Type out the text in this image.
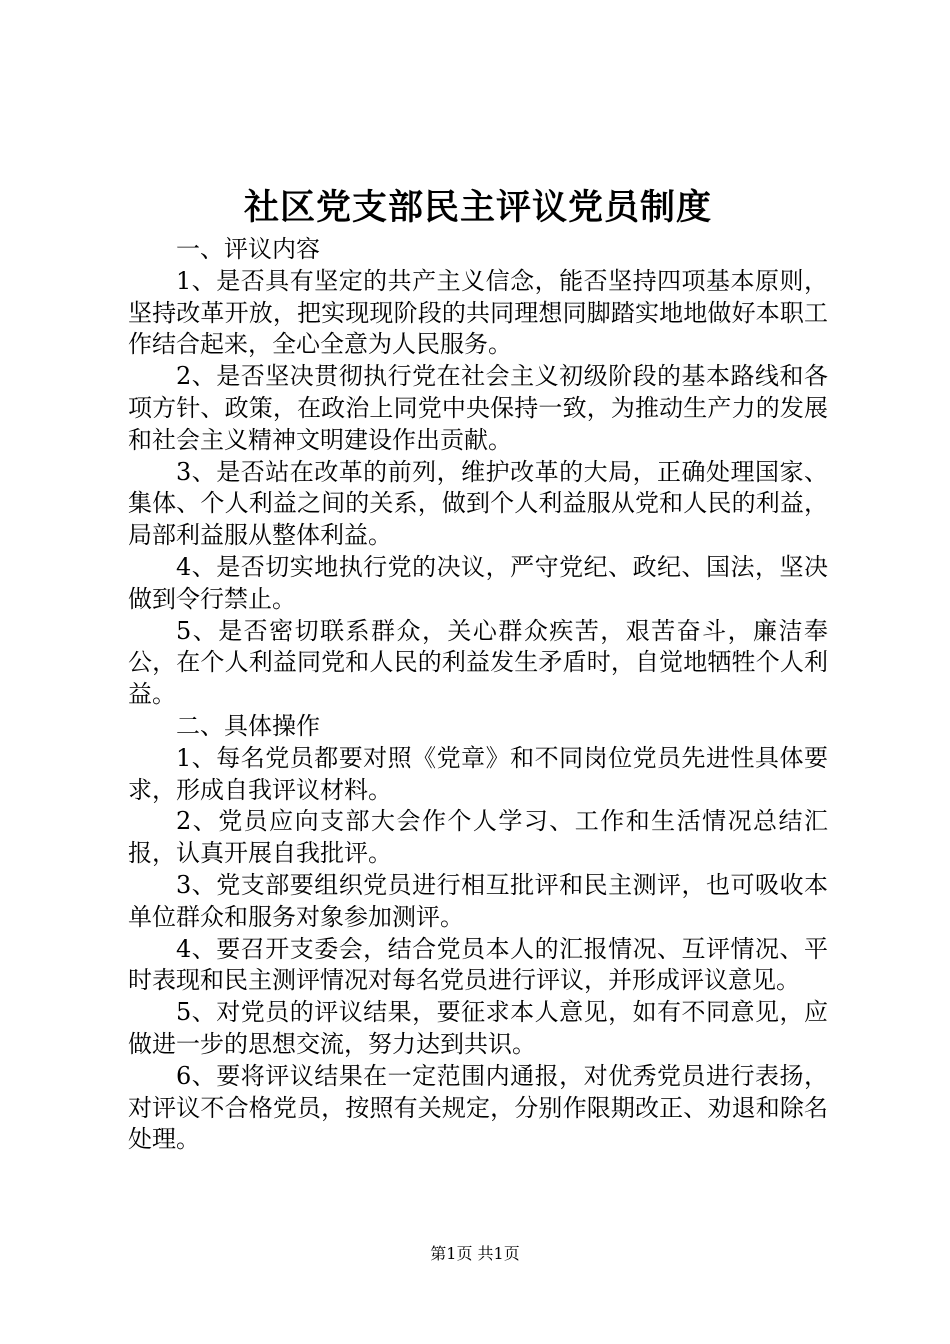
社区党支部民主评议党员制度

一、评议内容

1、是否具有坚定的共产主义信念，能否坚持四项基本原则，坚持改革开放，把实现现阶段的共同理想同脚踏实地地做好本职工作结合起来，全心全意为人民服务。

2、是否坚决贯彻执行党在社会主义初级阶段的基本路线和各项方针、政策，在政治上同党中央保持一致，为推动生产力的发展和社会主义精神文明建设作出贡献。

3、是否站在改革的前列，维护改革的大局，正确处理国家、集体、个人利益之间的关系，做到个人利益服从党和人民的利益，局部利益服从整体利益。

4、是否切实地执行党的决议，严守党纪、政纪、国法，坚决做到令行禁止。

5、是否密切联系群众，关心群众疾苦，艰苦奋斗，廉洁奉公，在个人利益同党和人民的利益发生矛盾时，自觉地牺牲个人利益。

二、具体操作

1、每名党员都要对照《党章》和不同岗位党员先进性具体要求，形成自我评议材料。

2、党员应向支部大会作个人学习、工作和生活情况总结汇报，认真开展自我批评。

3、党支部要组织党员进行相互批评和民主测评，也可吸收本单位群众和服务对象参加测评。

4、要召开支委会，结合党员本人的汇报情况、互评情况、平时表现和民主测评情况对每名党员进行评议，并形成评议意见。

5、对党员的评议结果，要征求本人意见，如有不同意见，应做进一步的思想交流，努力达到共识。

6、要将评议结果在一定范围内通报，对优秀党员进行表扬，对评议不合格党员，按照有关规定，分别作限期改正、劝退和除名处理。

第1页 共1页
